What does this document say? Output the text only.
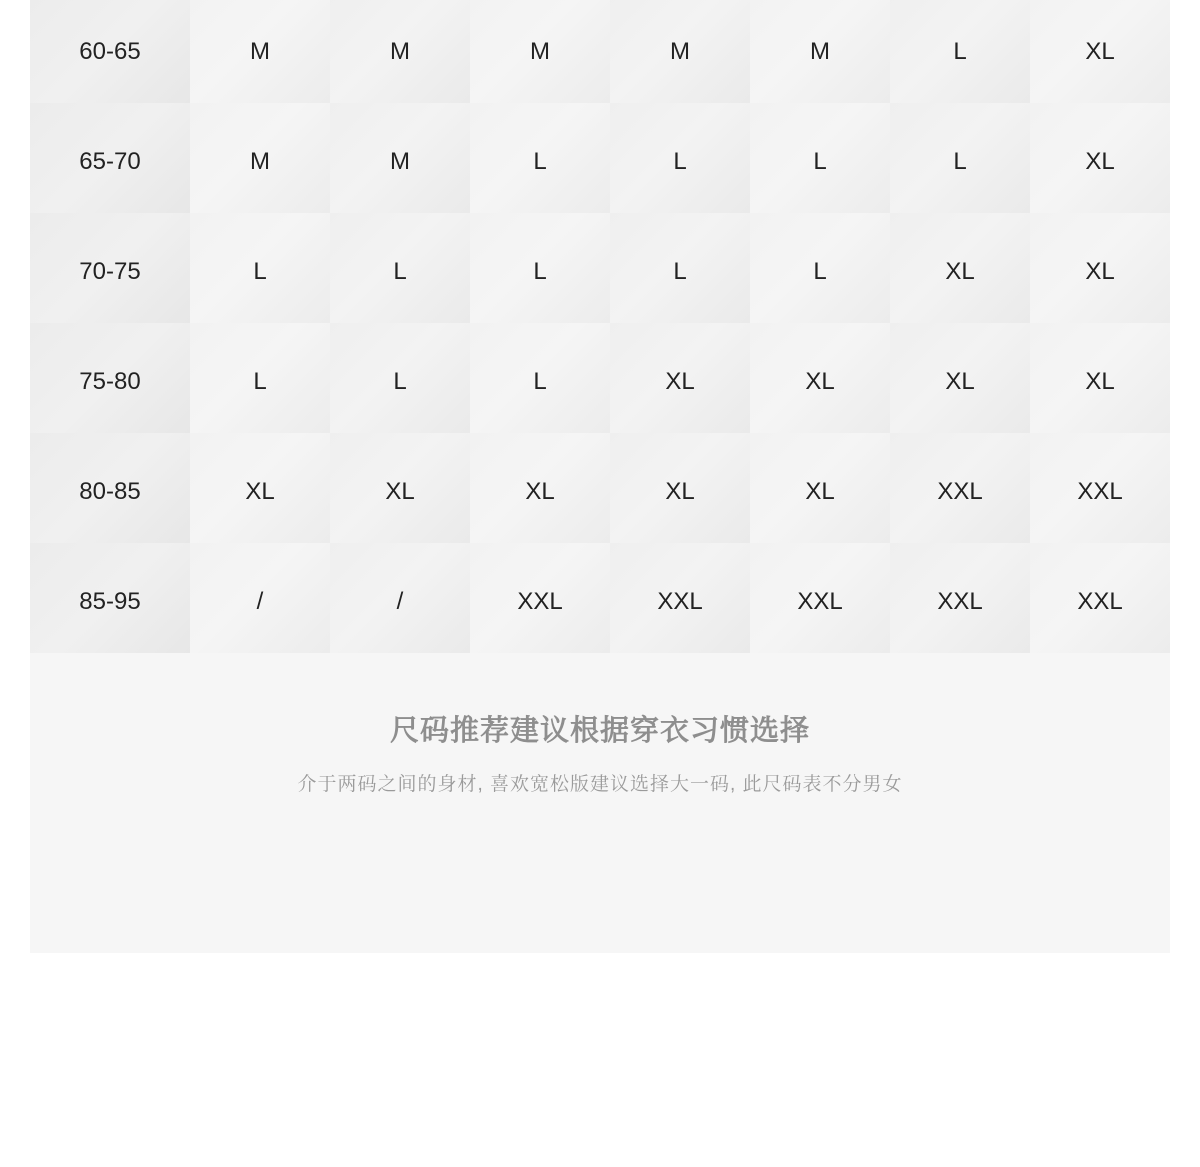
60-65	M	M	M	M	M	L	XL
65-70	M	M	L	L	L	L	XL
70-75	L	L	L	L	L	XL	XL
75-80	L	L	L	XL	XL	XL	XL
80-85	XL	XL	XL	XL	XL	XXL	XXL
85-95	/	/	XXL	XXL	XXL	XXL	XXL
尺码推荐建议根据穿衣习惯选择
介于两码之间的身材, 喜欢宽松版建议选择大一码, 此尺码表不分男女
